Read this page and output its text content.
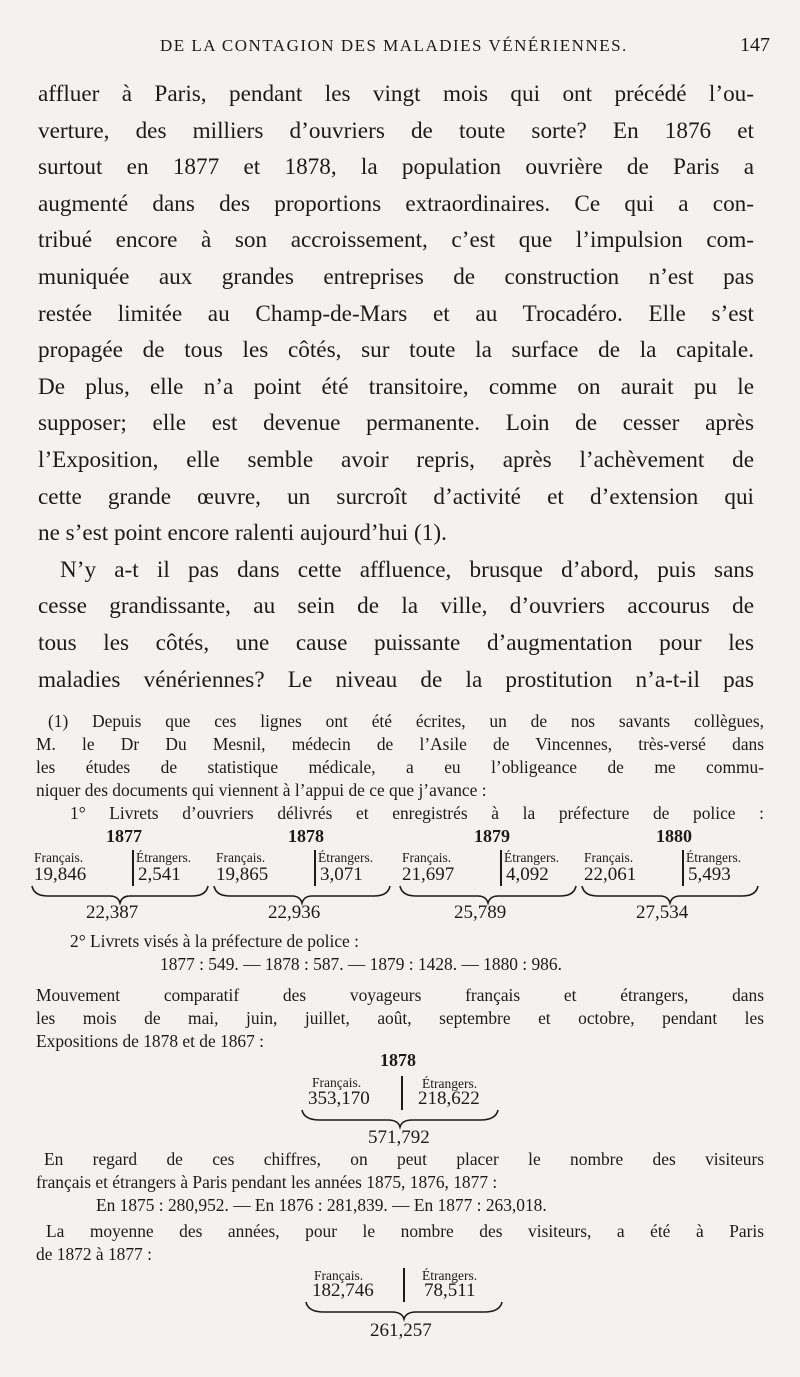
DE LA CONTAGION DES MALADIES VÉNÉRIENNES.	147
affluer à Paris, pendant les vingt mois qui ont précédé l’ou-
verture, des milliers d’ouvriers de toute sorte? En 1876 et
surtout en 1877 et 1878, la population ouvrière de Paris a
augmenté dans des proportions extraordinaires. Ce qui a con-
tribué encore à son accroissement, c’est que l’impulsion com-
muniquée aux grandes entreprises de construction n’est pas
restée limitée au Champ-de-Mars et au Trocadéro. Elle s’est
propagée de tous les côtés, sur toute la surface de la capitale.
De plus, elle n’a point été transitoire, comme on aurait pu le
supposer; elle est devenue permanente. Loin de cesser après
l’Exposition, elle semble avoir repris, après l’achèvement de
cette grande œuvre, un surcroît d’activité et d’extension qui
ne s’est point encore ralenti aujourd’hui (1).
N’y a-t il pas dans cette affluence, brusque d’abord, puis sans
cesse grandissante, au sein de la ville, d’ouvriers accourus de
tous les côtés, une cause puissante d’augmentation pour les
maladies vénériennes? Le niveau de la prostitution n’a-t-il pas
(1) Depuis que ces lignes ont été écrites, un de nos savants collègues,
M. le Dr Du Mesnil, médecin de l’Asile de Vincennes, très-versé dans
les études de statistique médicale, a eu l’obligeance de me commu-
niquer des documents qui viennent à l’appui de ce que j’avance :
1° Livrets d’ouvriers délivrés et enregistrés à la préfecture de police :
1877
Français.	Étrangers.
19,846	2,541
22,387
1878
Français.	Étrangers.
19,865	3,071
22,936
1879
Français.	Étrangers.
21,697	4,092
25,789
1880
Français.	Étrangers.
22,061	5,493
27,534
2° Livrets visés à la préfecture de police :
1877 : 549. — 1878 : 587. — 1879 : 1428. — 1880 : 986.
Mouvement comparatif des voyageurs français et étrangers, dans
les mois de mai, juin, juillet, août, septembre et octobre, pendant les
Expositions de 1878 et de 1867 :
1878
Français.	Étrangers.
353,170	218,622
571,792
En regard de ces chiffres, on peut placer le nombre des visiteurs
français et étrangers à Paris pendant les années 1875, 1876, 1877 :
En 1875 : 280,952. — En 1876 : 281,839. — En 1877 : 263,018.
La moyenne des années, pour le nombre des visiteurs, a été à Paris
de 1872 à 1877 :
Français.	Étrangers.
182,746	78,511
261,257
